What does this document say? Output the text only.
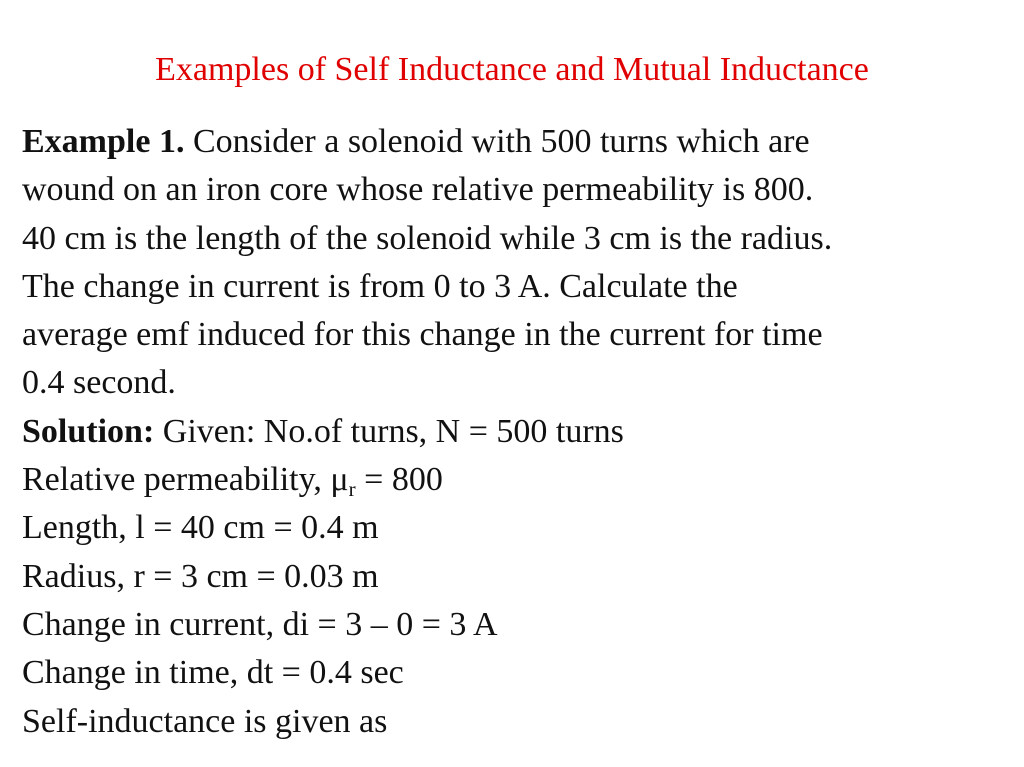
Examples of Self Inductance and Mutual Inductance
Example 1. Consider a solenoid with 500 turns which are
wound on an iron core whose relative permeability is 800.
40 cm is the length of the solenoid while 3 cm is the radius.
The change in current is from 0 to 3 A. Calculate the
average emf induced for this change in the current for time
0.4 second.
Solution: Given: No.of turns, N = 500 turns
Relative permeability, $\mu_r = 800$
Length, l = 40 cm = 0.4 m
Radius, r = 3 cm = 0.03 m
Change in current, di = 3 – 0 = 3 A
Change in time, dt = 0.4 sec
Self-inductance is given as
